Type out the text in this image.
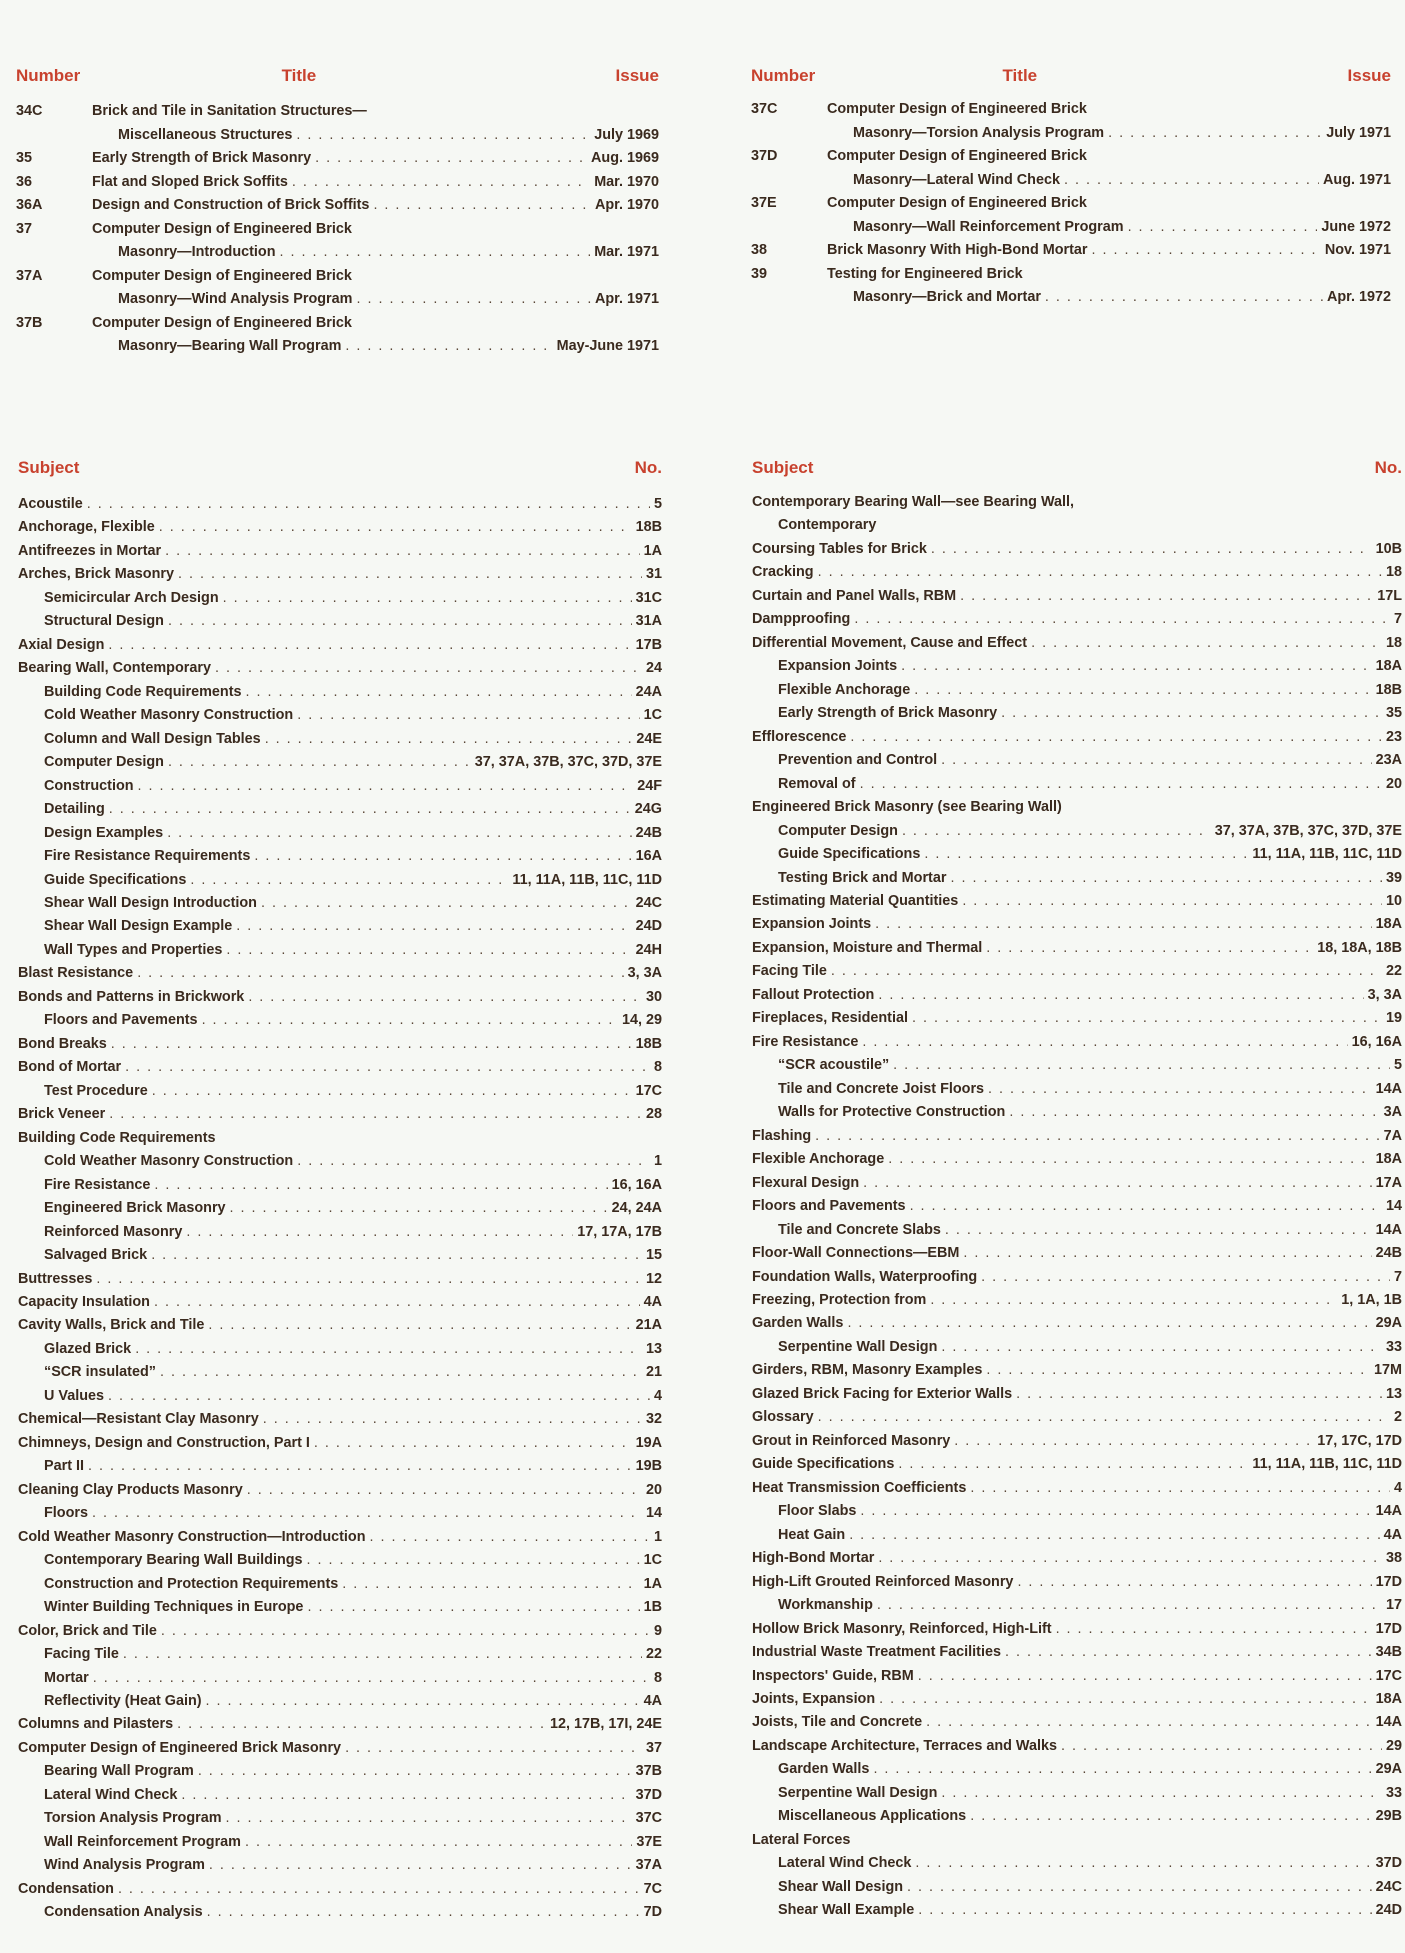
Number	Title	Issue
34C	Brick and Tile in Sanitation Structures—
Miscellaneous Structures . . .	July 1969
35	Early Strength of Brick Masonry . . .	Aug. 1969
36	Flat and Sloped Brick Soffits . . .	Mar. 1970
36A	Design and Construction of Brick Soffits . . .	Apr. 1970
37	Computer Design of Engineered Brick
Masonry—Introduction . . .	Mar. 1971
37A	Computer Design of Engineered Brick
Masonry—Wind Analysis Program . . .	Apr. 1971
37B	Computer Design of Engineered Brick
Masonry—Bearing Wall Program . . .	May-June 1971
Number	Title	Issue
37C	Computer Design of Engineered Brick
Masonry—Torsion Analysis Program . . .	July 1971
37D	Computer Design of Engineered Brick
Masonry—Lateral Wind Check . . .	Aug. 1971
37E	Computer Design of Engineered Brick
Masonry—Wall Reinforcement Program . . .	June 1972
38	Brick Masonry With High-Bond Mortar . . .	Nov. 1971
39	Testing for Engineered Brick
Masonry—Brick and Mortar . . .	Apr. 1972
Subject	No.
Acoustile . . .	5
Anchorage, Flexible . . .	18B
Antifreezes in Mortar . . .	1A
Arches, Brick Masonry . . .	31
Semicircular Arch Design . . .	31C
Structural Design . . .	31A
Axial Design . . .	17B
Bearing Wall, Contemporary . . .	24
Building Code Requirements . . .	24A
Cold Weather Masonry Construction . . .	1C
Column and Wall Design Tables . . .	24E
Computer Design . . .	37, 37A, 37B, 37C, 37D, 37E
Construction . . .	24F
Detailing . . .	24G
Design Examples . . .	24B
Fire Resistance Requirements . . .	16A
Guide Specifications . . .	11, 11A, 11B, 11C, 11D
Shear Wall Design Introduction . . .	24C
Shear Wall Design Example . . .	24D
Wall Types and Properties . . .	24H
Blast Resistance . . .	3, 3A
Bonds and Patterns in Brickwork . . .	30
Floors and Pavements . . .	14, 29
Bond Breaks . . .	18B
Bond of Mortar . . .	8
Test Procedure . . .	17C
Brick Veneer . . .	28
Building Code Requirements
Cold Weather Masonry Construction . . .	1
Fire Resistance . . .	16, 16A
Engineered Brick Masonry . . .	24, 24A
Reinforced Masonry . . .	17, 17A, 17B
Salvaged Brick . . .	15
Buttresses . . .	12
Capacity Insulation . . .	4A
Cavity Walls, Brick and Tile . . .	21A
Glazed Brick . . .	13
“SCR insulated” . . .	21
U Values . . .	4
Chemical—Resistant Clay Masonry . . .	32
Chimneys, Design and Construction, Part I . . .	19A
Part II . . .	19B
Cleaning Clay Products Masonry . . .	20
Floors . . .	14
Cold Weather Masonry Construction—Introduction . . .	1
Contemporary Bearing Wall Buildings . . .	1C
Construction and Protection Requirements . . .	1A
Winter Building Techniques in Europe . . .	1B
Color, Brick and Tile . . .	9
Facing Tile . . .	22
Mortar . . .	8
Reflectivity (Heat Gain) . . .	4A
Columns and Pilasters . . .	12, 17B, 17I, 24E
Computer Design of Engineered Brick Masonry . . .	37
Bearing Wall Program . . .	37B
Lateral Wind Check . . .	37D
Torsion Analysis Program . . .	37C
Wall Reinforcement Program . . .	37E
Wind Analysis Program . . .	37A
Condensation . . .	7C
Condensation Analysis . . .	7D
Subject	No.
Contemporary Bearing Wall—see Bearing Wall,
Contemporary
Coursing Tables for Brick . . .	10B
Cracking . . .	18
Curtain and Panel Walls, RBM . . .	17L
Dampproofing . . .	7
Differential Movement, Cause and Effect . . .	18
Expansion Joints . . .	18A
Flexible Anchorage . . .	18B
Early Strength of Brick Masonry . . .	35
Efflorescence . . .	23
Prevention and Control . . .	23A
Removal of . . .	20
Engineered Brick Masonry (see Bearing Wall)
Computer Design . . .	37, 37A, 37B, 37C, 37D, 37E
Guide Specifications . . .	11, 11A, 11B, 11C, 11D
Testing Brick and Mortar . . .	39
Estimating Material Quantities . . .	10
Expansion Joints . . .	18A
Expansion, Moisture and Thermal . . .	18, 18A, 18B
Facing Tile . . .	22
Fallout Protection . . .	3, 3A
Fireplaces, Residential . . .	19
Fire Resistance . . .	16, 16A
“SCR acoustile” . . .	5
Tile and Concrete Joist Floors . . .	14A
Walls for Protective Construction . . .	3A
Flashing . . .	7A
Flexible Anchorage . . .	18A
Flexural Design . . .	17A
Floors and Pavements . . .	14
Tile and Concrete Slabs . . .	14A
Floor-Wall Connections—EBM . . .	24B
Foundation Walls, Waterproofing . . .	7
Freezing, Protection from . . .	1, 1A, 1B
Garden Walls . . .	29A
Serpentine Wall Design . . .	33
Girders, RBM, Masonry Examples . . .	17M
Glazed Brick Facing for Exterior Walls . . .	13
Glossary . . .	2
Grout in Reinforced Masonry . . .	17, 17C, 17D
Guide Specifications . . .	11, 11A, 11B, 11C, 11D
Heat Transmission Coefficients . . .	4
Floor Slabs . . .	14A
Heat Gain . . .	4A
High-Bond Mortar . . .	38
High-Lift Grouted Reinforced Masonry . . .	17D
Workmanship . . .	17
Hollow Brick Masonry, Reinforced, High-Lift . . .	17D
Industrial Waste Treatment Facilities . . .	34B
Inspectors' Guide, RBM . . .	17C
Joints, Expansion . . .	18A
Joists, Tile and Concrete . . .	14A
Landscape Architecture, Terraces and Walks . . .	29
Garden Walls . . .	29A
Serpentine Wall Design . . .	33
Miscellaneous Applications . . .	29B
Lateral Forces
Lateral Wind Check . . .	37D
Shear Wall Design . . .	24C
Shear Wall Example . . .	24D
